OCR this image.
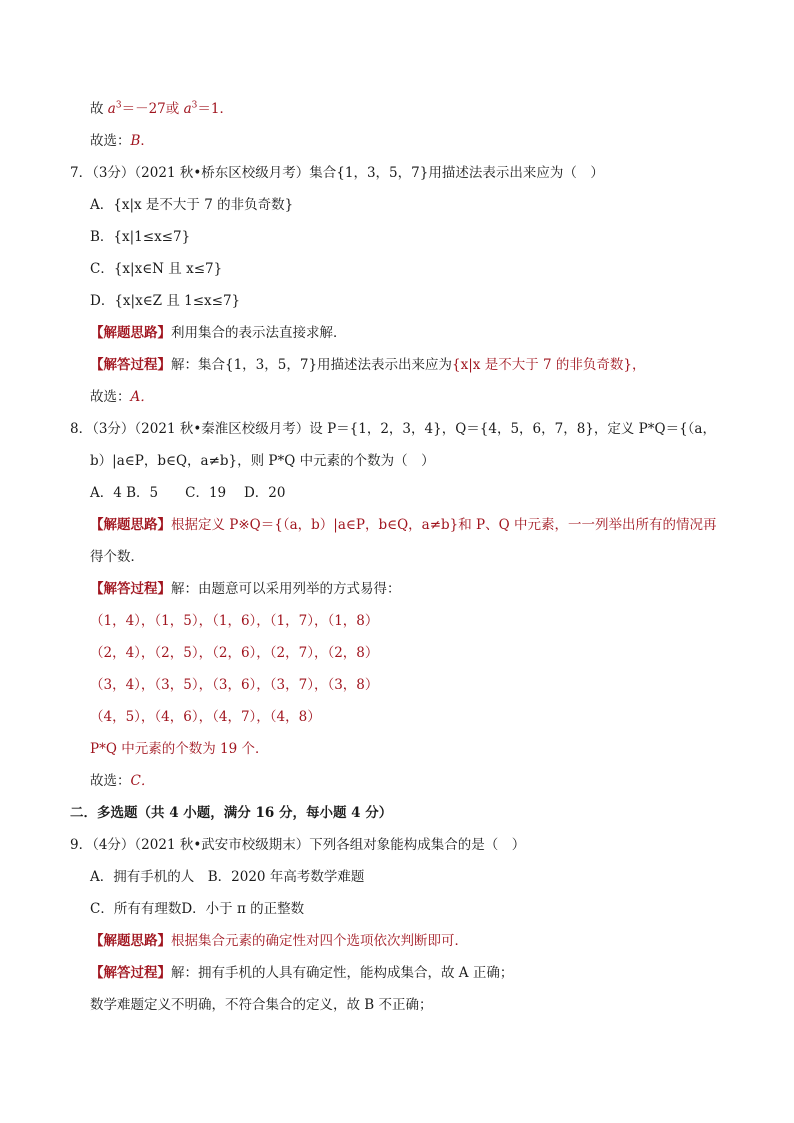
故 $a^3=-27$或 $a^3=1$．
故选：B．
7．（3分）（2021 秋•桥东区校级月考）集合{1，3，5，7}用描述法表示出来应为（　）
A．{x|x 是不大于 7 的非负奇数}
B．{x|1≤x≤7}
C．{x|x∈N 且 x≤7}
D．{x|x∈Z 且 1≤x≤7}
【解题思路】利用集合的表示法直接求解．
【解答过程】解：集合{1，3，5，7}用描述法表示出来应为{x|x 是不大于 7 的非负奇数}，
故选：A．
8．（3分）（2021 秋•秦淮区校级月考）设 P＝{1，2，3，4}，Q＝{4，5，6，7，8}，定义 P*Q＝{（a，
b）|a∈P，b∈Q，a≠b}，则 P*Q 中元素的个数为（　）
A．4 B．5　　C．19　 D．20
【解题思路】根据定义 P※Q＝{（a，b）|a∈P，b∈Q，a≠b}和 P、Q 中元素，一一列举出所有的情况再
得个数．
【解答过程】解：由题意可以采用列举的方式易得：
（1，4），（1，5），（1，6），（1，7），（1，8）
（2，4），（2，5），（2，6），（2，7），（2，8）
（3，4），（3，5），（3，6），（3，7），（3，8）
（4，5），（4，6），（4，7），（4，8）
P*Q 中元素的个数为 19 个．
故选：C．
二．多选题（共 4 小题，满分 16 分，每小题 4 分）
9．（4分）（2021 秋•武安市校级期末）下列各组对象能构成集合的是（　）
A．拥有手机的人　B．2020 年高考数学难题
C．所有有理数D．小于 π 的正整数
【解题思路】根据集合元素的确定性对四个选项依次判断即可．
【解答过程】解：拥有手机的人具有确定性，能构成集合，故 A 正确；
数学难题定义不明确，不符合集合的定义，故 B 不正确；
